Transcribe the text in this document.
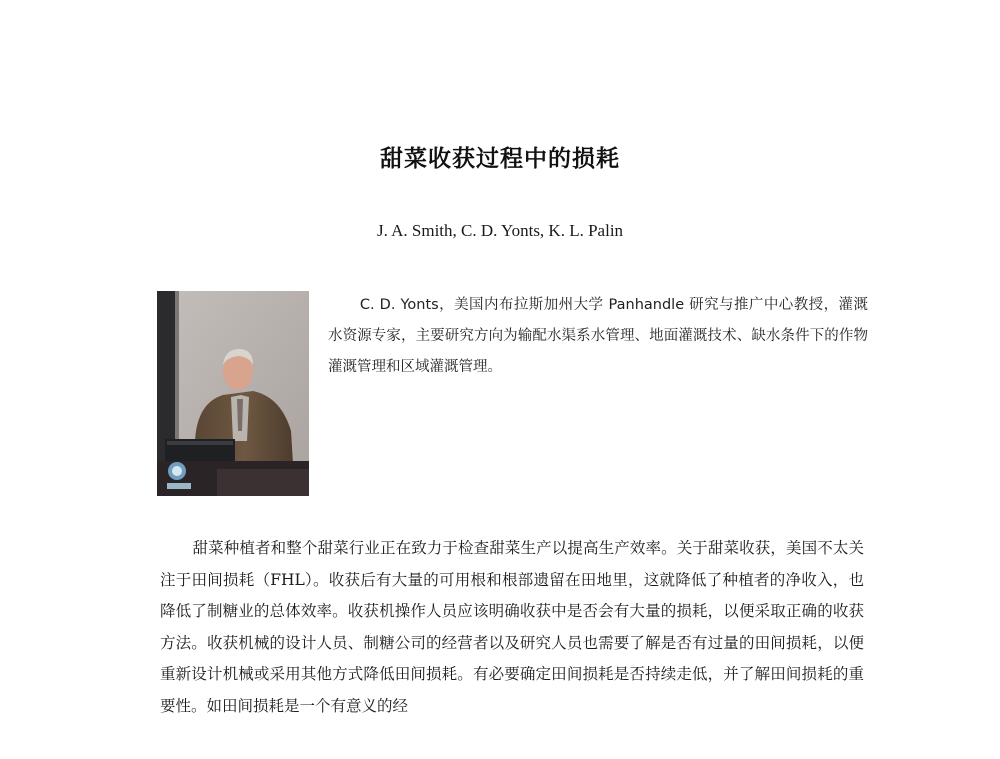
甜菜收获过程中的损耗

J. A. Smith, C. D. Yonts, K. L. Palin

C. D. Yonts，美国内布拉斯加州大学 Panhandle 研究与推广中心教授，灌溉水资源专家，主要研究方向为输配水渠系水管理、地面灌溉技术、缺水条件下的作物灌溉管理和区域灌溉管理。

甜菜种植者和整个甜菜行业正在致力于检查甜菜生产以提高生产效率。关于甜菜收获，美国不太关注于田间损耗（FHL）。收获后有大量的可用根和根部遗留在田地里，这就降低了种植者的净收入，也降低了制糖业的总体效率。收获机操作人员应该明确收获中是否会有大量的损耗，以便采取正确的收获方法。收获机械的设计人员、制糖公司的经营者以及研究人员也需要了解是否有过量的田间损耗，以便重新设计机械或采用其他方式降低田间损耗。有必要确定田间损耗是否持续走低，并了解田间损耗的重要性。如田间损耗是一个有意义的经
